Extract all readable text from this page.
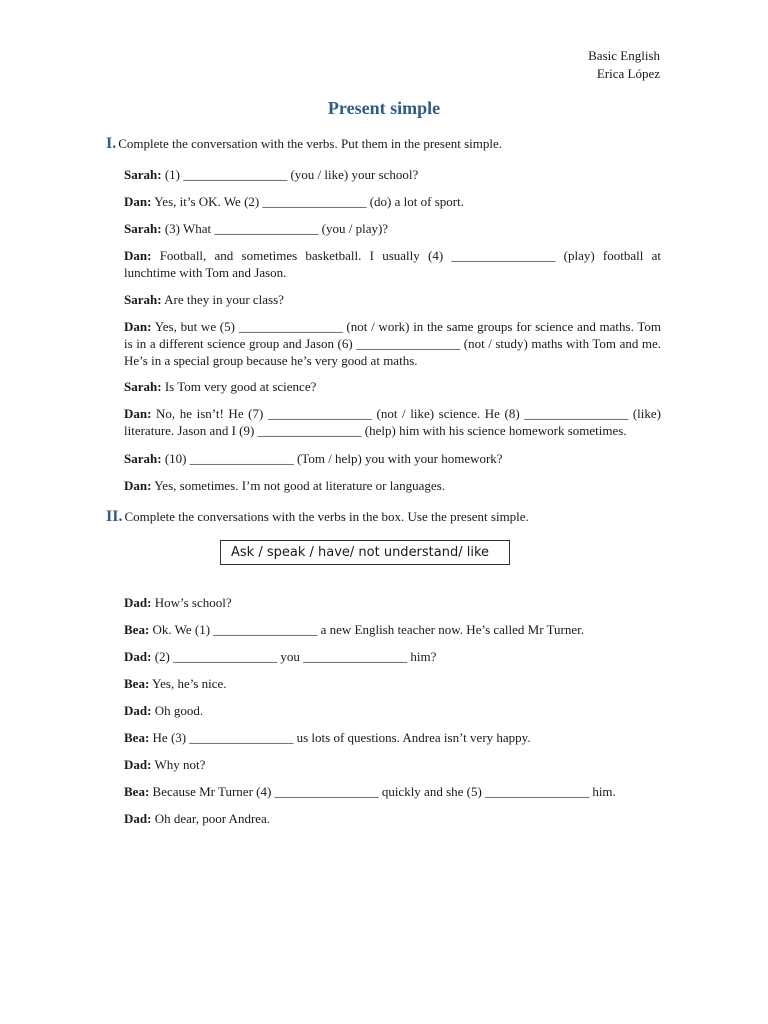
Basic English
Erica López
Present simple
I. Complete the conversation with the verbs. Put them in the present simple.
Sarah: (1) ________________ (you / like) your school?
Dan: Yes, it’s OK. We (2) ________________ (do) a lot of sport.
Sarah: (3) What ________________ (you / play)?
Dan: Football, and sometimes basketball. I usually (4) ________________ (play) football at lunchtime with Tom and Jason.
Sarah: Are they in your class?
Dan: Yes, but we (5) ________________ (not / work) in the same groups for science and maths. Tom is in a different science group and Jason (6) ________________ (not / study) maths with Tom and me. He’s in a special group because he’s very good at maths.
Sarah: Is Tom very good at science?
Dan: No, he isn’t! He (7) ________________ (not / like) science. He (8) ________________ (like) literature. Jason and I (9) ________________ (help) him with his science homework sometimes.
Sarah: (10) ________________ (Tom / help) you with your homework?
Dan: Yes, sometimes. I’m not good at literature or languages.
II. Complete the conversations with the verbs in the box. Use the present simple.
Ask / speak / have/ not understand/ like
Dad: How’s school?
Bea: Ok. We (1) ________________ a new English teacher now. He’s called Mr Turner.
Dad: (2) ________________ you ________________ him?
Bea: Yes, he’s nice.
Dad: Oh good.
Bea: He (3) ________________ us lots of questions. Andrea isn’t very happy.
Dad: Why not?
Bea: Because Mr Turner (4) ________________ quickly and she (5) ________________ him.
Dad: Oh dear, poor Andrea.
